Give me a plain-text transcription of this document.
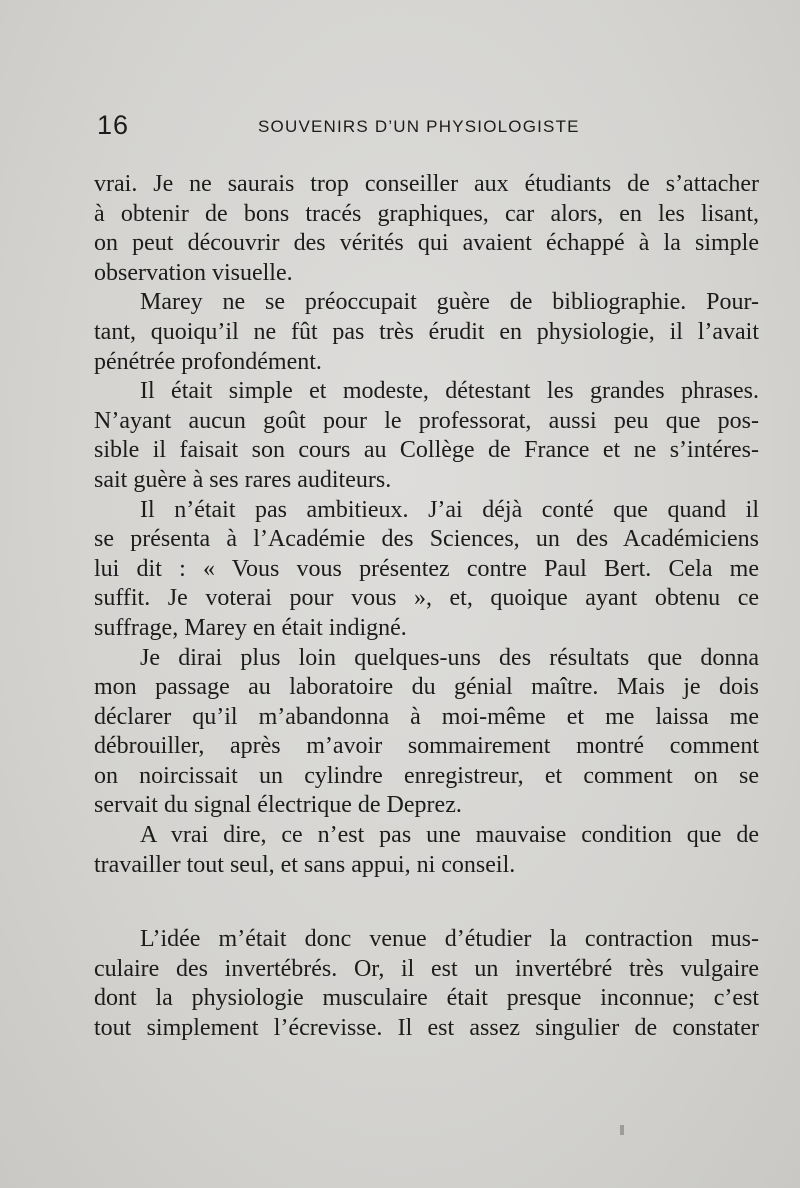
16	SOUVENIRS D’UN PHYSIOLOGISTE
vrai. Je ne saurais trop conseiller aux étudiants de s’attacher
à obtenir de bons tracés graphiques, car alors, en les lisant,
on peut découvrir des vérités qui avaient échappé à la simple
observation visuelle.
Marey ne se préoccupait guère de bibliographie. Pour-
tant, quoiqu’il ne fût pas très érudit en physiologie, il l’avait
pénétrée profondément.
Il était simple et modeste, détestant les grandes phrases.
N’ayant aucun goût pour le professorat, aussi peu que pos-
sible il faisait son cours au Collège de France et ne s’intéres-
sait guère à ses rares auditeurs.
Il n’était pas ambitieux. J’ai déjà conté que quand il
se présenta à l’Académie des Sciences, un des Académiciens
lui dit : « Vous vous présentez contre Paul Bert. Cela me
suffit. Je voterai pour vous », et, quoique ayant obtenu ce
suffrage, Marey en était indigné.
Je dirai plus loin quelques-uns des résultats que donna
mon passage au laboratoire du génial maître. Mais je dois
déclarer qu’il m’abandonna à moi-même et me laissa me
débrouiller, après m’avoir sommairement montré comment
on noircissait un cylindre enregistreur, et comment on se
servait du signal électrique de Deprez.
A vrai dire, ce n’est pas une mauvaise condition que de
travailler tout seul, et sans appui, ni conseil.
L’idée m’était donc venue d’étudier la contraction mus-
culaire des invertébrés. Or, il est un invertébré très vulgaire
dont la physiologie musculaire était presque inconnue; c’est
tout simplement l’écrevisse. Il est assez singulier de constater
